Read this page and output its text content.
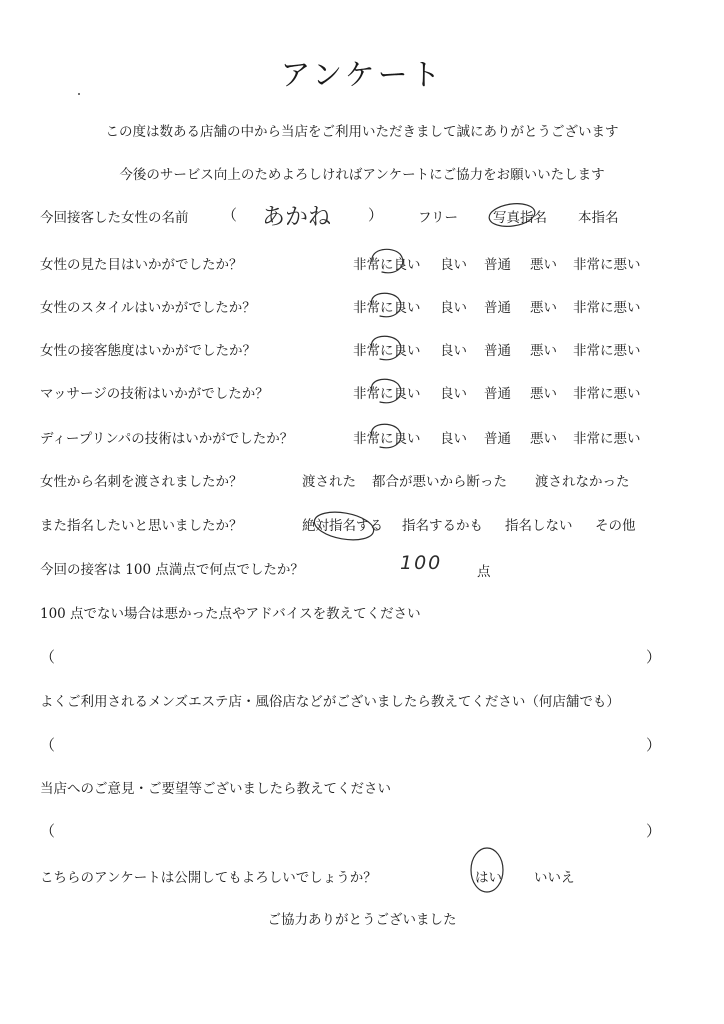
アンケート
この度は数ある店舗の中から当店をご利用いただきまして誠にありがとうございます
今後のサービス向上のためよろしければアンケートにご協力をお願いいたします
今回接客した女性の名前 （ あかね ）	フリー	写真指名 本指名
女性の見た目はいかがでしたか？	非常に良い 良い 普通 悪い 非常に悪い
女性のスタイルはいかがでしたか？	非常に良い 良い 普通 悪い 非常に悪い
女性の接客態度はいかがでしたか？	非常に良い 良い 普通 悪い 非常に悪い
マッサージの技術はいかがでしたか？	非常に良い 良い 普通 悪い 非常に悪い
ディープリンパの技術はいかがでしたか？	非常に良い 良い 普通 悪い 非常に悪い
女性から名刺を渡されましたか？	渡された 都合が悪いから断った 渡されなかった
また指名したいと思いましたか？	絶対指名する 指名するかも 指名しない その他
今回の接客は 100 点満点で何点でしたか？	100	点
100 点でない場合は悪かった点やアドバイスを教えてください
（	）
よくご利用されるメンズエステ店・風俗店などがございましたら教えてください（何店舗でも）
（	）
当店へのご意見・ご要望等ございましたら教えてください
（	）
こちらのアンケートは公開してもよろしいでしょうか？	はい いいえ
ご協力ありがとうございました
